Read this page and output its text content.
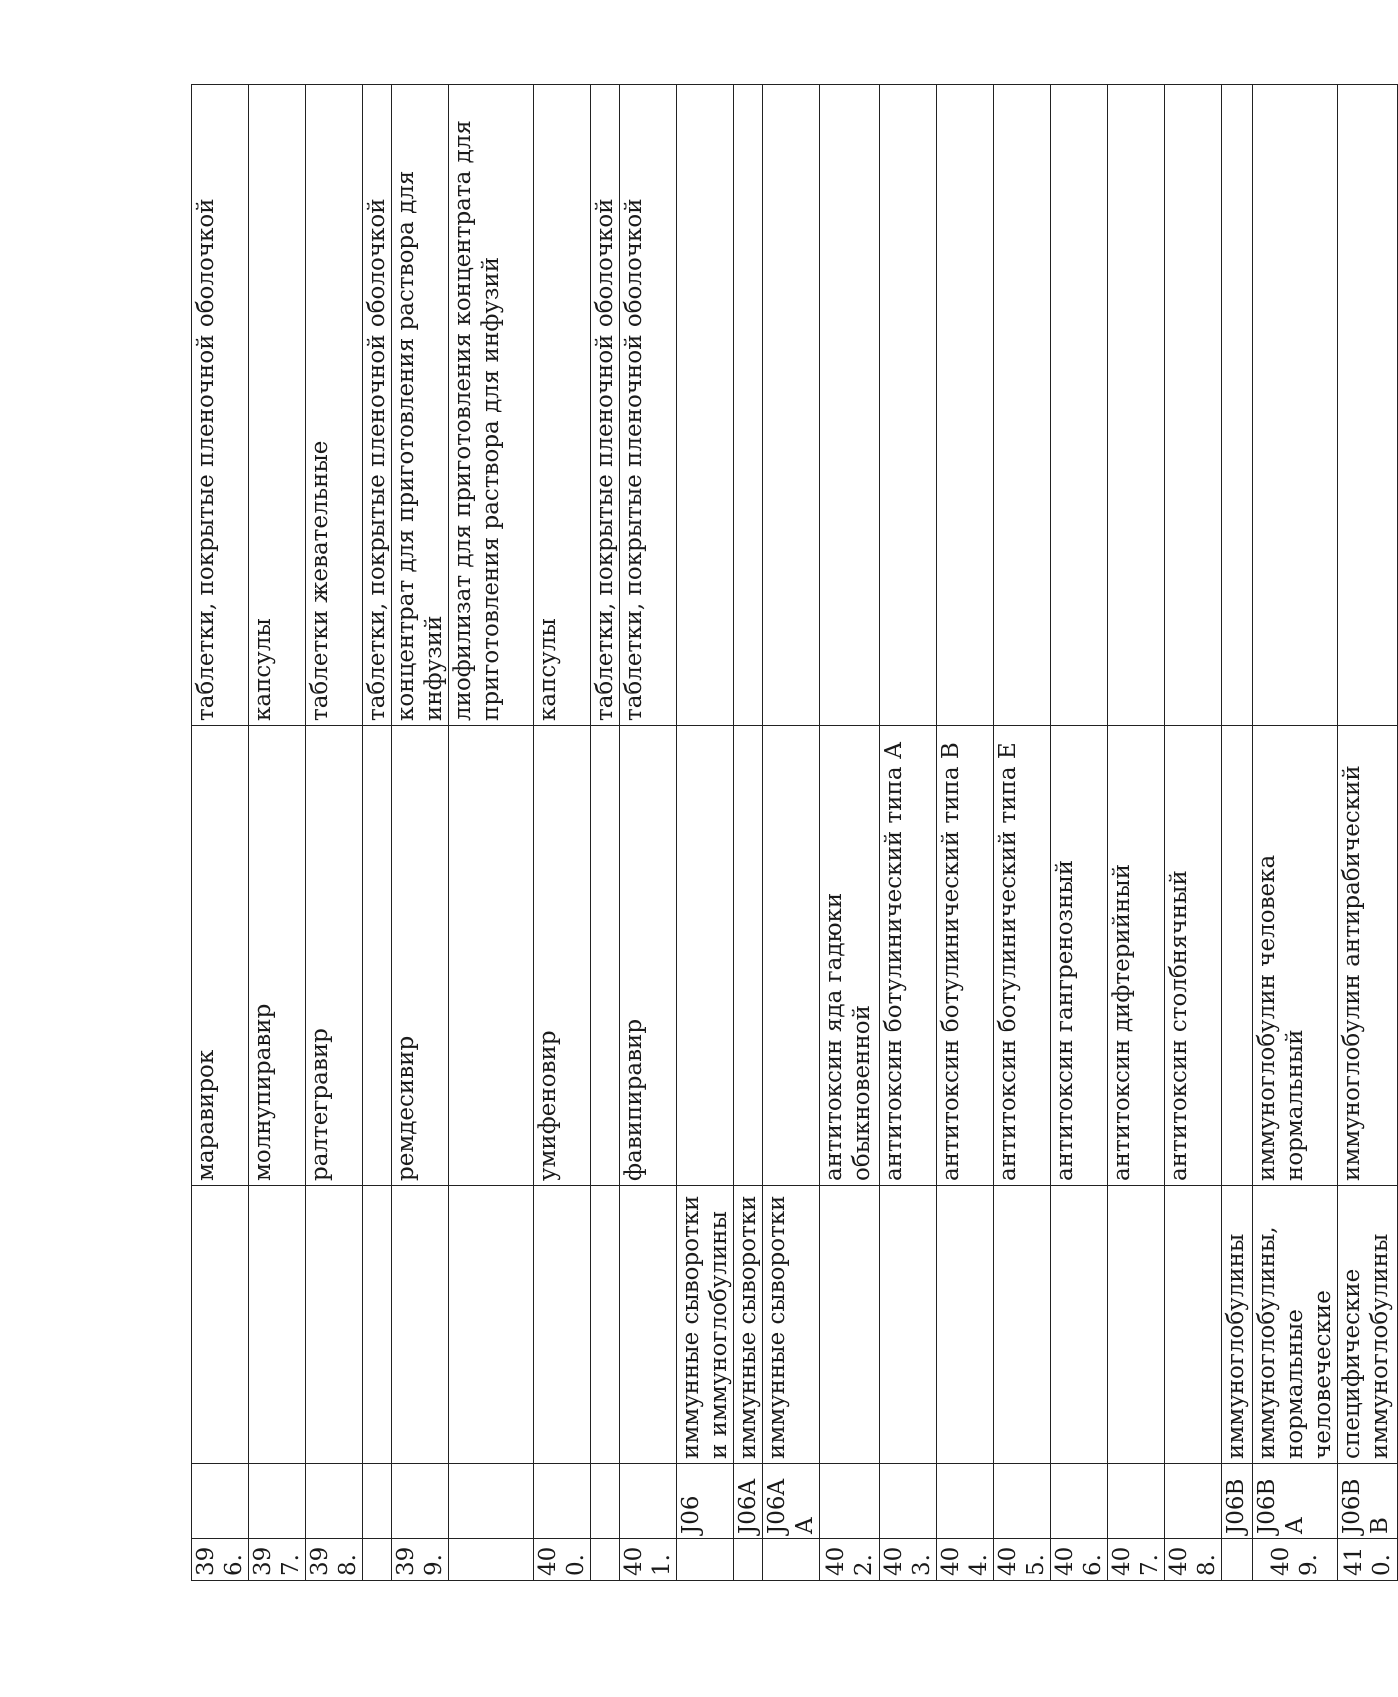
396.			маравирок	таблетки, покрытые пленочной оболочкой
397.			молнупиравир	капсулы
398.			ралтегравир	таблетки жевательные
				таблетки, покрытые пленочной оболочкой
399.			ремдесивир	концентрат для приготовления раствора для инфузий
				лиофилизат для приготовления концентрата для приготовления раствора для инфузий
400.			умифеновир	капсулы
				таблетки, покрытые пленочной оболочкой
401.			фавипиравир	таблетки, покрытые пленочной оболочкой
	J06	иммунные сыворотки и иммуноглобулины		
	J06A	иммунные сыворотки		
	J06AA	иммунные сыворотки		
402.			антитоксин яда гадюки обыкновенной	
403.			антитоксин ботулинический типа А	
404.			антитоксин ботулинический типа В	
405.			антитоксин ботулинический типа Е	
406.			антитоксин гангренозный	
407.			антитоксин дифтерийный	
408.			антитоксин столбнячный	
	J06B	иммуноглобулины		
409.	J06BA	иммуноглобулины, нормальные человеческие	иммуноглобулин человека нормальный	
410.	J06BB	специфические иммуноглобулины	иммуноглобулин антирабический	
